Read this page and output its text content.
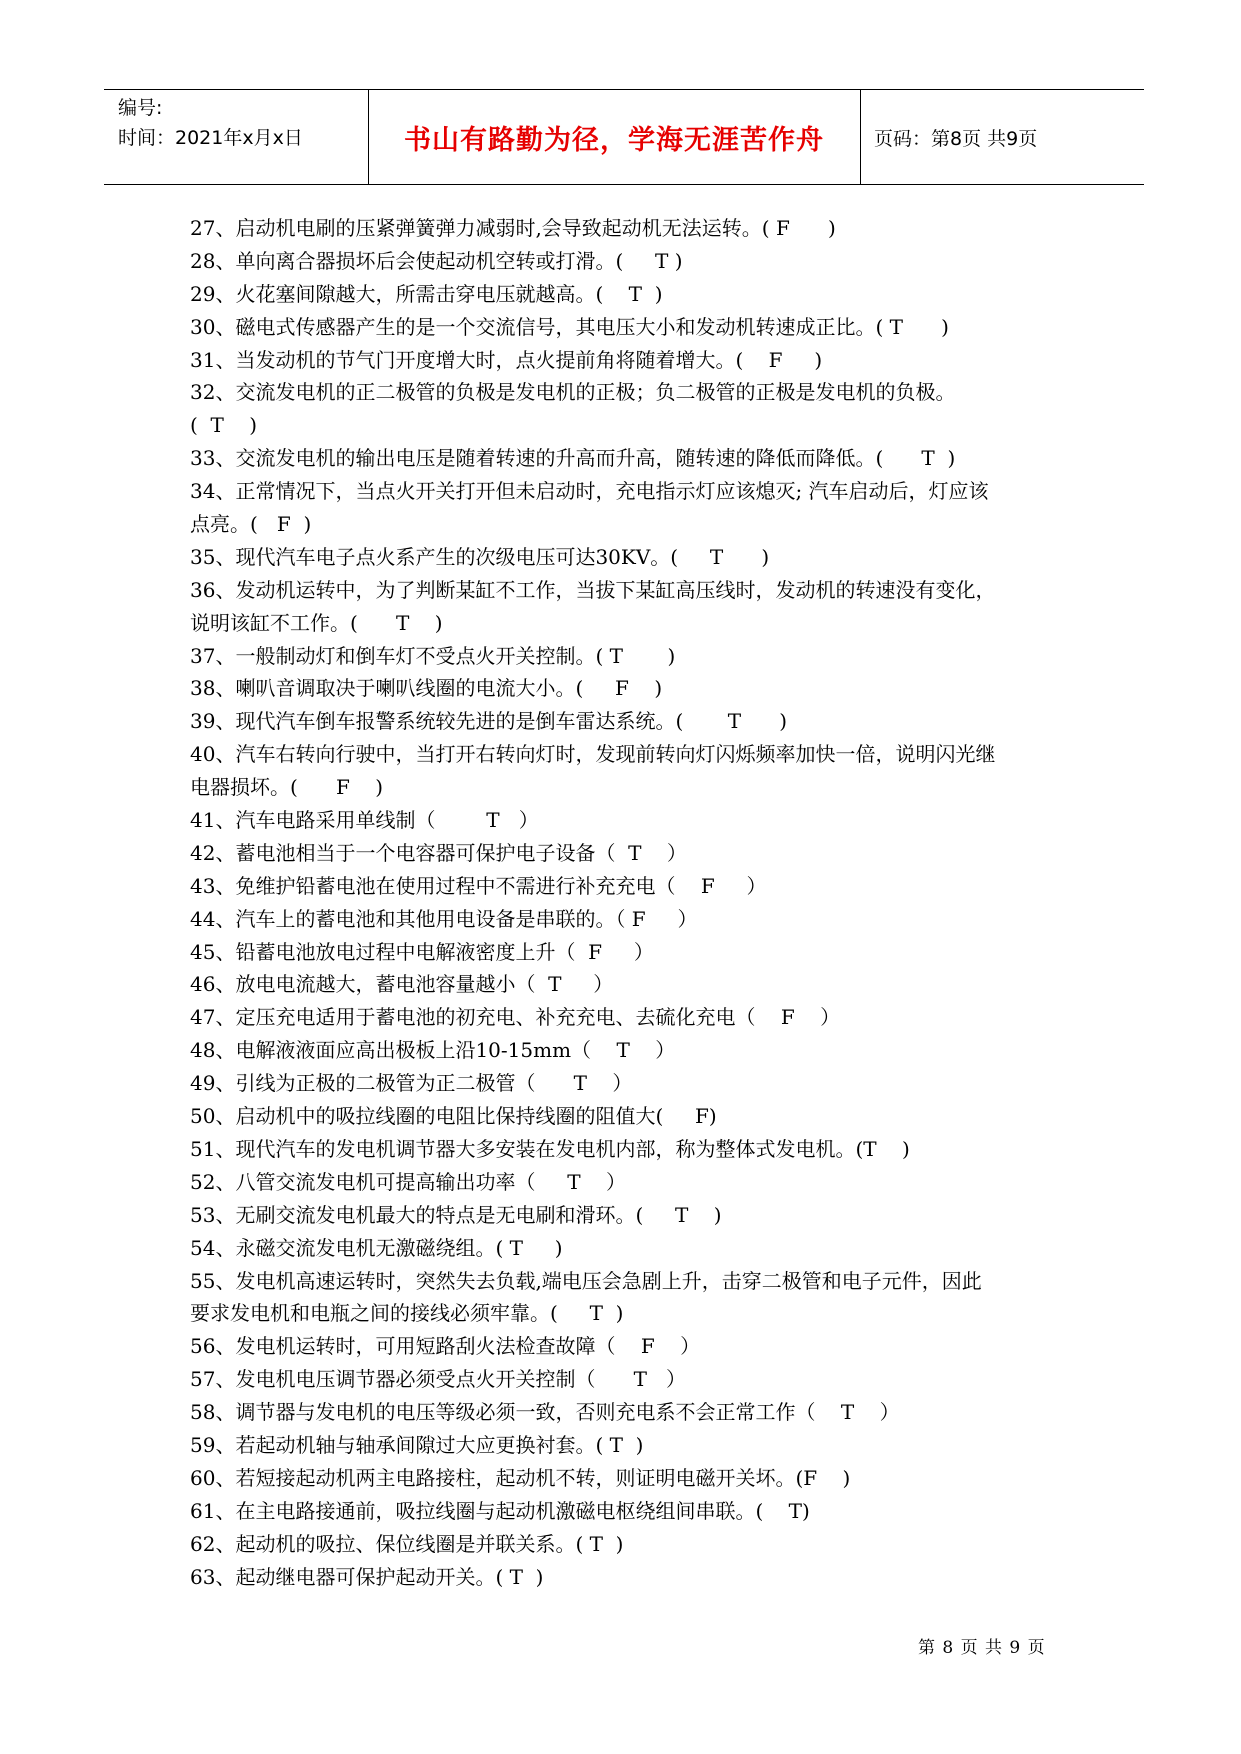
编号:
时间：2021年x月x日	书山有路勤为径，学海无涯苦作舟	页码：第8页 共9页
27、启动机电刷的压紧弹簧弹力减弱时,会导致起动机无法运转。( F      )
28、单向离合器损坏后会使起动机空转或打滑。(     T )
29、火花塞间隙越大，所需击穿电压就越高。(    T  )
30、磁电式传感器产生的是一个交流信号，其电压大小和发动机转速成正比。( T      )
31、当发动机的节气门开度增大时，点火提前角将随着增大。(    F     )
32、交流发电机的正二极管的负极是发电机的正极；负二极管的正极是发电机的负极。
(  T    )
33、交流发电机的输出电压是随着转速的升高而升高，随转速的降低而降低。(      T  )
34、正常情况下，当点火开关打开但未启动时，充电指示灯应该熄灭; 汽车启动后，灯应该
点亮。(   F  )
35、现代汽车电子点火系产生的次级电压可达30KV。(     T      )
36、发动机运转中，为了判断某缸不工作，当拔下某缸高压线时，发动机的转速没有变化，
说明该缸不工作。(      T    )
37、一般制动灯和倒车灯不受点火开关控制。( T       )
38、喇叭音调取决于喇叭线圈的电流大小。(     F    )
39、现代汽车倒车报警系统较先进的是倒车雷达系统。(       T      )
40、汽车右转向行驶中，当打开右转向灯时，发现前转向灯闪烁频率加快一倍，说明闪光继
电器损坏。(      F    )
41、汽车电路采用单线制（        T   ）
42、蓄电池相当于一个电容器可保护电子设备（  T    ）
43、免维护铅蓄电池在使用过程中不需进行补充充电（    F     ）
44、汽车上的蓄电池和其他用电设备是串联的。（ F     ）
45、铅蓄电池放电过程中电解液密度上升（  F     ）
46、放电电流越大，蓄电池容量越小（  T     ）
47、定压充电适用于蓄电池的初充电、补充充电、去硫化充电（    F    ）
48、电解液液面应高出极板上沿10-15mm（    T    ）
49、引线为正极的二极管为正二极管（      T    ）
50、启动机中的吸拉线圈的电阻比保持线圈的阻值大(     F)
51、现代汽车的发电机调节器大多安装在发电机内部，称为整体式发电机。(T    )
52、八管交流发电机可提高输出功率（     T    ）
53、无刷交流发电机最大的特点是无电刷和滑环。(     T    )
54、永磁交流发电机无激磁绕组。( T     )
55、发电机高速运转时，突然失去负载,端电压会急剧上升，击穿二极管和电子元件，因此
要求发电机和电瓶之间的接线必须牢靠。(     T  )
56、发电机运转时，可用短路刮火法检查故障（    F    ）
57、发电机电压调节器必须受点火开关控制（      T   ）
58、调节器与发电机的电压等级必须一致，否则充电系不会正常工作（    T    ）
59、若起动机轴与轴承间隙过大应更换衬套。( T  )
60、若短接起动机两主电路接柱，起动机不转，则证明电磁开关坏。(F    )
61、在主电路接通前，吸拉线圈与起动机激磁电枢绕组间串联。(    T)
62、起动机的吸拉、保位线圈是并联关系。( T  )
63、起动继电器可保护起动开关。( T  )
第 8 页 共 9 页
